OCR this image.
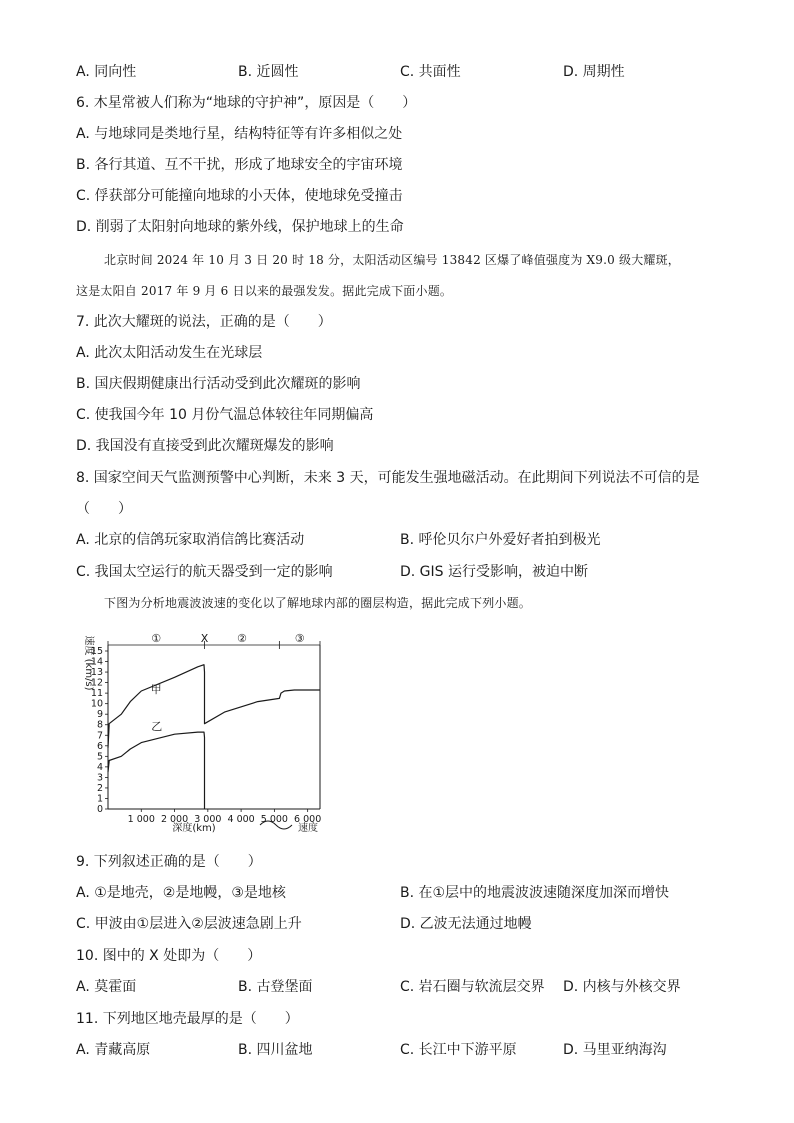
A. 同向性	B. 近圆性	C. 共面性	D. 周期性
6. 木星常被人们称为“地球的守护神”，原因是（　　）
A. 与地球同是类地行星，结构特征等有许多相似之处
B. 各行其道、互不干扰，形成了地球安全的宇宙环境
C. 俘获部分可能撞向地球的小天体，使地球免受撞击
D. 削弱了太阳射向地球的紫外线，保护地球上的生命
北京时间 2024 年 10 月 3 日 20 时 18 分，太阳活动区编号 13842 区爆了峰值强度为 X9.0 级大耀斑，
这是太阳自 2017 年 9 月 6 日以来的最强发发。据此完成下面小题。
7. 此次大耀斑的说法，正确的是（　　）
A. 此次太阳活动发生在光球层
B. 国庆假期健康出行活动受到此次耀斑的影响
C. 使我国今年 10 月份气温总体较往年同期偏高
D. 我国没有直接受到此次耀斑爆发的影响
8. 国家空间天气监测预警中心判断，未来 3 天，可能发生强地磁活动。在此期间下列说法不可信的是
（　　）
A. 北京的信鸽玩家取消信鸽比赛活动	B. 呼伦贝尔户外爱好者拍到极光
C. 我国太空运行的航天器受到一定的影响	D. GIS 运行受影响，被迫中断
下图为分析地震波波速的变化以了解地球内部的圈层构造，据此完成下列小题。
①	X	②	③
速度 (km/s)
0
1
2
3
4
5
6
7
8
9
10
11
12
13
14
15
1 000 2 000 3 000 4 000 5 000 6 000
甲
乙
深度(km)	速度
9. 下列叙述正确的是（　　）
A. ①是地壳，②是地幔，③是地核	B. 在①层中的地震波波速随深度加深而增快
C. 甲波由①层进入②层波速急剧上升	D. 乙波无法通过地幔
10. 图中的 X 处即为（　　）
A. 莫霍面	B. 古登堡面	C. 岩石圈与软流层交界 D. 内核与外核交界
11. 下列地区地壳最厚的是（　　）
A. 青藏高原	B. 四川盆地	C. 长江中下游平原	D. 马里亚纳海沟
